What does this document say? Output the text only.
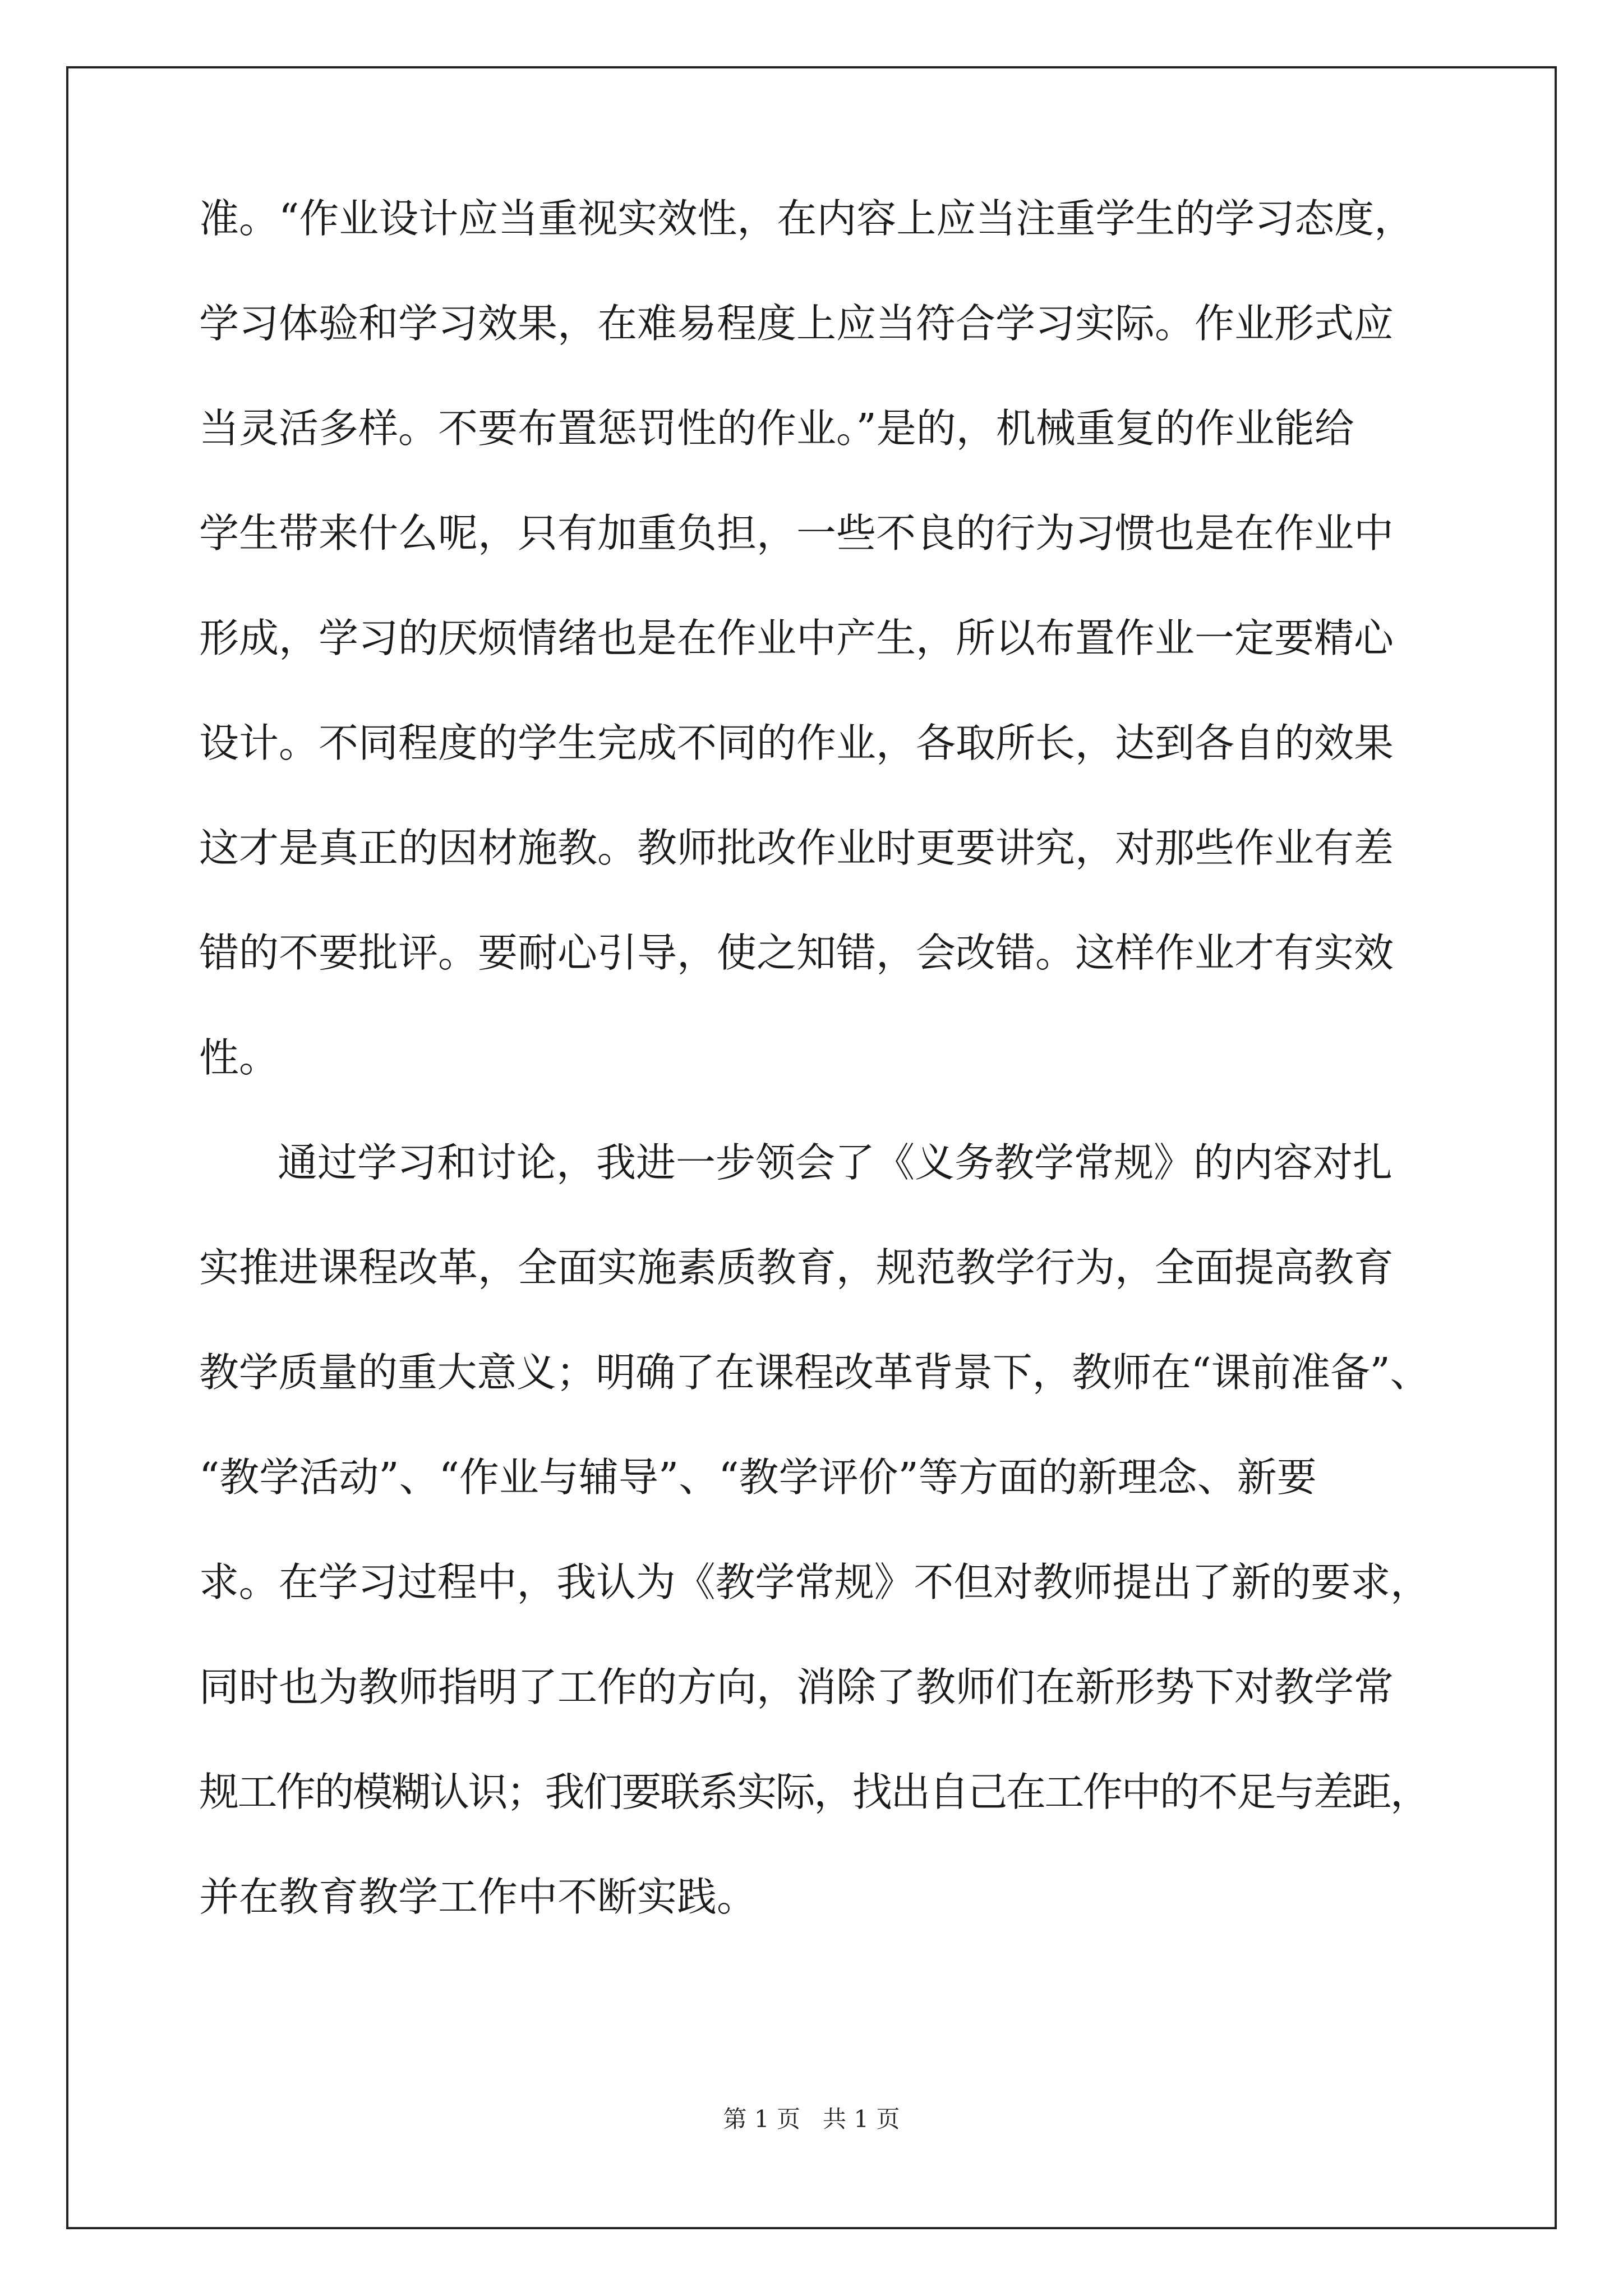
准。“作业设计应当重视实效性，在内容上应当注重学生的学习态度，
学习体验和学习效果，在难易程度上应当符合学习实际。作业形式应
当灵活多样。不要布置惩罚性的作业。”是的，机械重复的作业能给
学生带来什么呢，只有加重负担，一些不良的行为习惯也是在作业中
形成，学习的厌烦情绪也是在作业中产生，所以布置作业一定要精心
设计。不同程度的学生完成不同的作业，各取所长，达到各自的效果
这才是真正的因材施教。教师批改作业时更要讲究，对那些作业有差
错的不要批评。要耐心引导，使之知错，会改错。这样作业才有实效
性。
通过学习和讨论，我进一步领会了《义务教学常规》的内容对扎
实推进课程改革，全面实施素质教育，规范教学行为，全面提高教育
教学质量的重大意义；明确了在课程改革背景下，教师在“课前准备”、
“教学活动”、“作业与辅导”、“教学评价”等方面的新理念、新要
求。在学习过程中，我认为《教学常规》不但对教师提出了新的要求，
同时也为教师指明了工作的方向，消除了教师们在新形势下对教学常
规工作的模糊认识；我们要联系实际，找出自己在工作中的不足与差距，
并在教育教学工作中不断实践。
第 1 页   共 1 页
